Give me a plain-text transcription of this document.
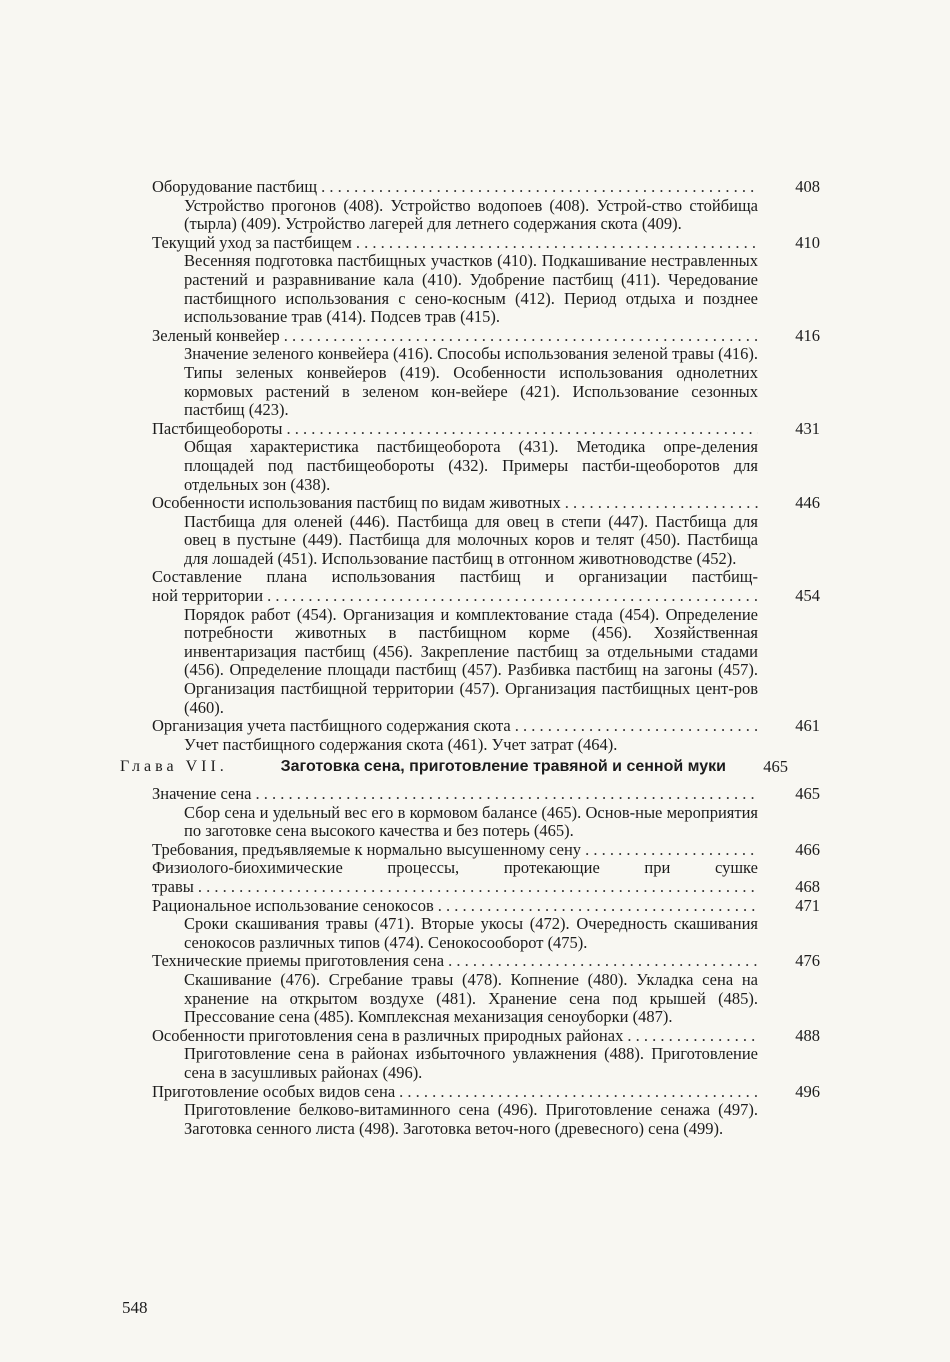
Оборудование пастбищ . . .	408
Устройство прогонов (408). Устройство водопоев (408). Устрой-ство стойбища (тырла) (409). Устройство лагерей для летнего содержания скота (409).
Текущий уход за пастбищем . . .	410
Весенняя подготовка пастбищных участков (410). Подкашивание нестравленных растений и разравнивание кала (410). Удобрение пастбищ (411). Чередование пастбищного использования с сено-косным (412). Период отдыха и позднее использование трав (414). Подсев трав (415).
Зеленый конвейер . . .	416
Значение зеленого конвейера (416). Способы использования зеленой травы (416). Типы зеленых конвейеров (419). Особенности использования однолетних кормовых растений в зеленом кон-вейере (421). Использование сезонных пастбищ (423).
Пастбищеобороты . . .	431
Общая характеристика пастбищеоборота (431). Методика опре-деления площадей под пастбищеобороты (432). Примеры пастби-щеоборотов для отдельных зон (438).
Особенности использования пастбищ по видам животных . . .	446
Пастбища для оленей (446). Пастбища для овец в степи (447). Пастбища для овец в пустыне (449). Пастбища для молочных коров и телят (450). Пастбища для лошадей (451). Использование пастбищ в отгонном животноводстве (452).
Составление плана использования пастбищ и организации пастбищ-
ной территории . . .	454
Порядок работ (454). Организация и комплектование стада (454). Определение потребности животных в пастбищном корме (456). Хозяйственная инвентаризация пастбищ (456). Закрепление пастбищ за отдельными стадами (456). Определение площади пастбищ (457). Разбивка пастбищ на загоны (457). Организация пастбищной территории (457). Организация пастбищных цент-ров (460).
Организация учета пастбищного содержания скота . . .	461
Учет пастбищного содержания скота (461). Учет затрат (464).
Глава VII.	Заготовка сена, приготовление травяной и сенной муки	465
Значение сена . . .	465
Сбор сена и удельный вес его в кормовом балансе (465). Основ-ные мероприятия по заготовке сена высокого качества и без потерь (465).
Требования, предъявляемые к нормально высушенному сену . . .	466
Физиолого-биохимические процессы, протекающие при сушке
травы . . .	468
Рациональное использование сенокосов . . .	471
Сроки скашивания травы (471). Вторые укосы (472). Очередность скашивания сенокосов различных типов (474). Сенокосооборот (475).
Технические приемы приготовления сена . . .	476
Скашивание (476). Сгребание травы (478). Копнение (480). Укладка сена на хранение на открытом воздухе (481). Хранение сена под крышей (485). Прессование сена (485). Комплексная механизация сеноуборки (487).
Особенности приготовления сена в различных природных районах . . .	488
Приготовление сена в районах избыточного увлажнения (488). Приготовление сена в засушливых районах (496).
Приготовление особых видов сена . . .	496
Приготовление белково-витаминного сена (496). Приготовление сенажа (497). Заготовка сенного листа (498). Заготовка веточ-ного (древесного) сена (499).
548
